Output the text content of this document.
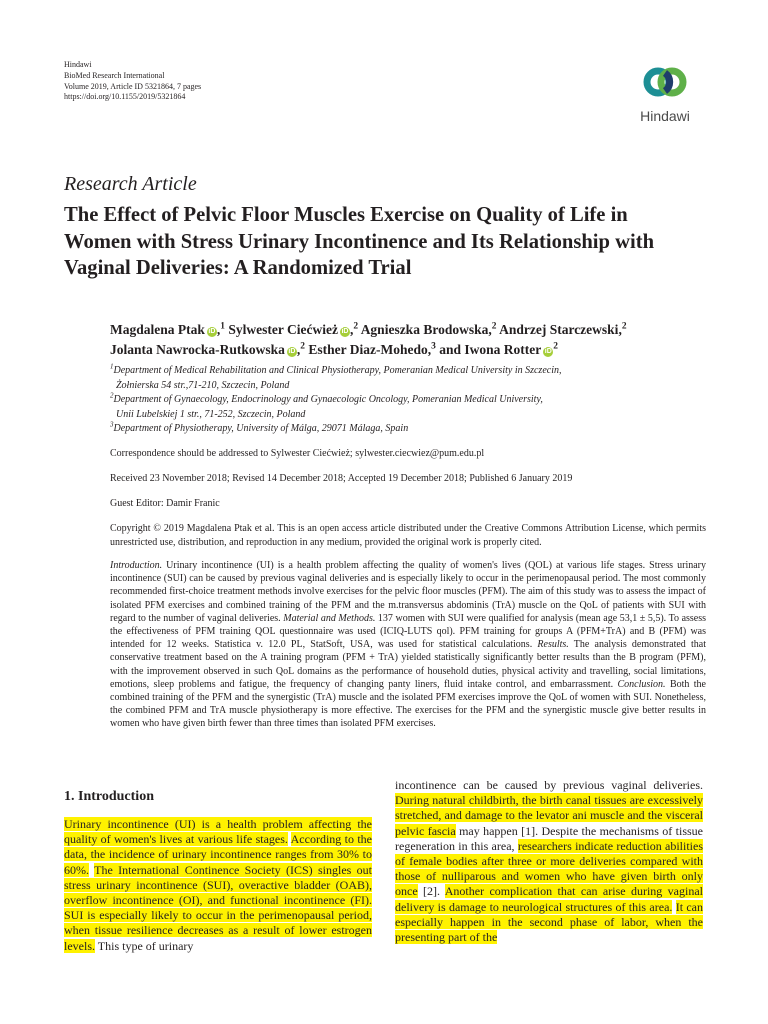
Hindawi
BioMed Research International
Volume 2019, Article ID 5321864, 7 pages
https://doi.org/10.1155/2019/5321864
Hindawi
Research Article
The Effect of Pelvic Floor Muscles Exercise on Quality of Life in Women with Stress Urinary Incontinence and Its Relationship with Vaginal Deliveries: A Randomized Trial
Magdalena Ptak iD ,$^1$ Sylwester Ciećwież iD ,$^2$ Agnieszka Brodowska,$^2$ Andrzej Starczewski,$^2$
Jolanta Nawrocka-Rutkowska iD ,$^2$ Esther Diaz-Mohedo,$^3$ and Iwona Rotter iD $^2$
$^1$Department of Medical Rehabilitation and Clinical Physiotherapy, Pomeranian Medical University in Szczecin,
Żołnierska 54 str.,71-210, Szczecin, Poland
$^2$Department of Gynaecology, Endocrinology and Gynaecologic Oncology, Pomeranian Medical University,
Unii Lubelskiej 1 str., 71-252, Szczecin, Poland
$^3$Department of Physiotherapy, University of Málga, 29071 Málaga, Spain
Correspondence should be addressed to Sylwester Ciećwież; sylwester.ciecwiez@pum.edu.pl
Received 23 November 2018; Revised 14 December 2018; Accepted 19 December 2018; Published 6 January 2019
Guest Editor: Damir Franic
Copyright © 2019 Magdalena Ptak et al. This is an open access article distributed under the Creative Commons Attribution License, which permits unrestricted use, distribution, and reproduction in any medium, provided the original work is properly cited.

Introduction. Urinary incontinence (UI) is a health problem affecting the quality of women's lives (QOL) at various life stages. Stress urinary incontinence (SUI) can be caused by previous vaginal deliveries and is especially likely to occur in the perimenopausal period. The most commonly recommended first-choice treatment methods involve exercises for the pelvic floor muscles (PFM). The aim of this study was to assess the impact of isolated PFM exercises and combined training of the PFM and the m.transversus abdominis (TrA) muscle on the QoL of patients with SUI with regard to the number of vaginal deliveries. Material and Methods. 137 women with SUI were qualified for analysis (mean age 53,1 ± 5,5). To assess the effectiveness of PFM training QOL questionnaire was used (ICIQ-LUTS qol). PFM training for groups A (PFM+TrA) and B (PFM) was intended for 12 weeks. Statistica v. 12.0 PL, StatSoft, USA, was used for statistical calculations. Results. The analysis demonstrated that conservative treatment based on the A training program (PFM + TrA) yielded statistically significantly better results than the B program (PFM), with the improvement observed in such QoL domains as the performance of household duties, physical activity and travelling, social limitations, emotions, sleep problems and fatigue, the frequency of changing panty liners, fluid intake control, and embarrassment. Conclusion. Both the combined training of the PFM and the synergistic (TrA) muscle and the isolated PFM exercises improve the QoL of women with SUI. Nonetheless, the combined PFM and TrA muscle physiotherapy is more effective. The exercises for the PFM and the synergistic muscle give better results in women who have given birth fewer than three times than isolated PFM exercises.

1. Introduction

Urinary incontinence (UI) is a health problem affecting the quality of women's lives at various life stages. According to the data, the incidence of urinary incontinence ranges from 30% to 60%. The International Continence Society (ICS) singles out stress urinary incontinence (SUI), overactive bladder (OAB), overflow incontinence (OI), and functional incontinence (FI). SUI is especially likely to occur in the perimenopausal period, when tissue resilience decreases as a result of lower estrogen levels. This type of urinary

incontinence can be caused by previous vaginal deliveries. During natural childbirth, the birth canal tissues are excessively stretched, and damage to the levator ani muscle and the visceral pelvic fascia may happen [1]. Despite the mechanisms of tissue regeneration in this area, researchers indicate reduction abilities of female bodies after three or more deliveries compared with those of nulliparous and women who have given birth only once [2]. Another complication that can arise during vaginal delivery is damage to neurological structures of this area. It can especially happen in the second phase of labor, when the presenting part of the
